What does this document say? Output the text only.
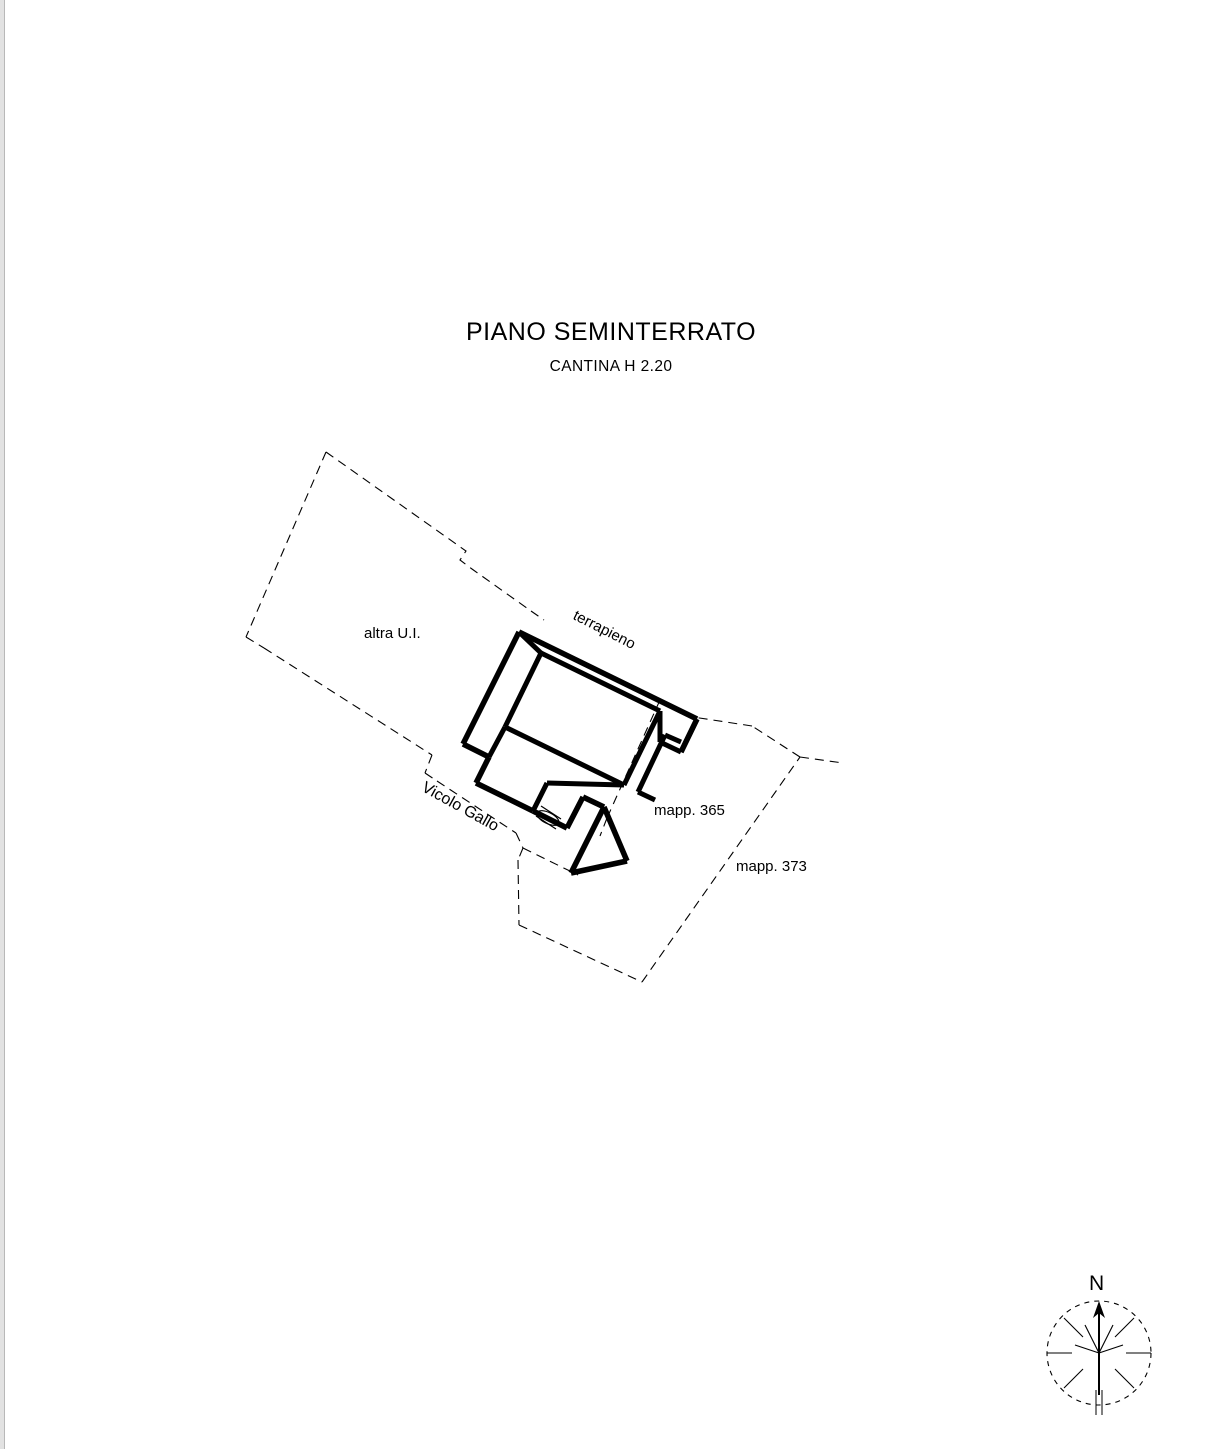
PIANO SEMINTERRATO
CANTINA H 2.20
altra U.I.	terrapieno
Vicolo Gallo	mapp. 365
mapp. 373
N
